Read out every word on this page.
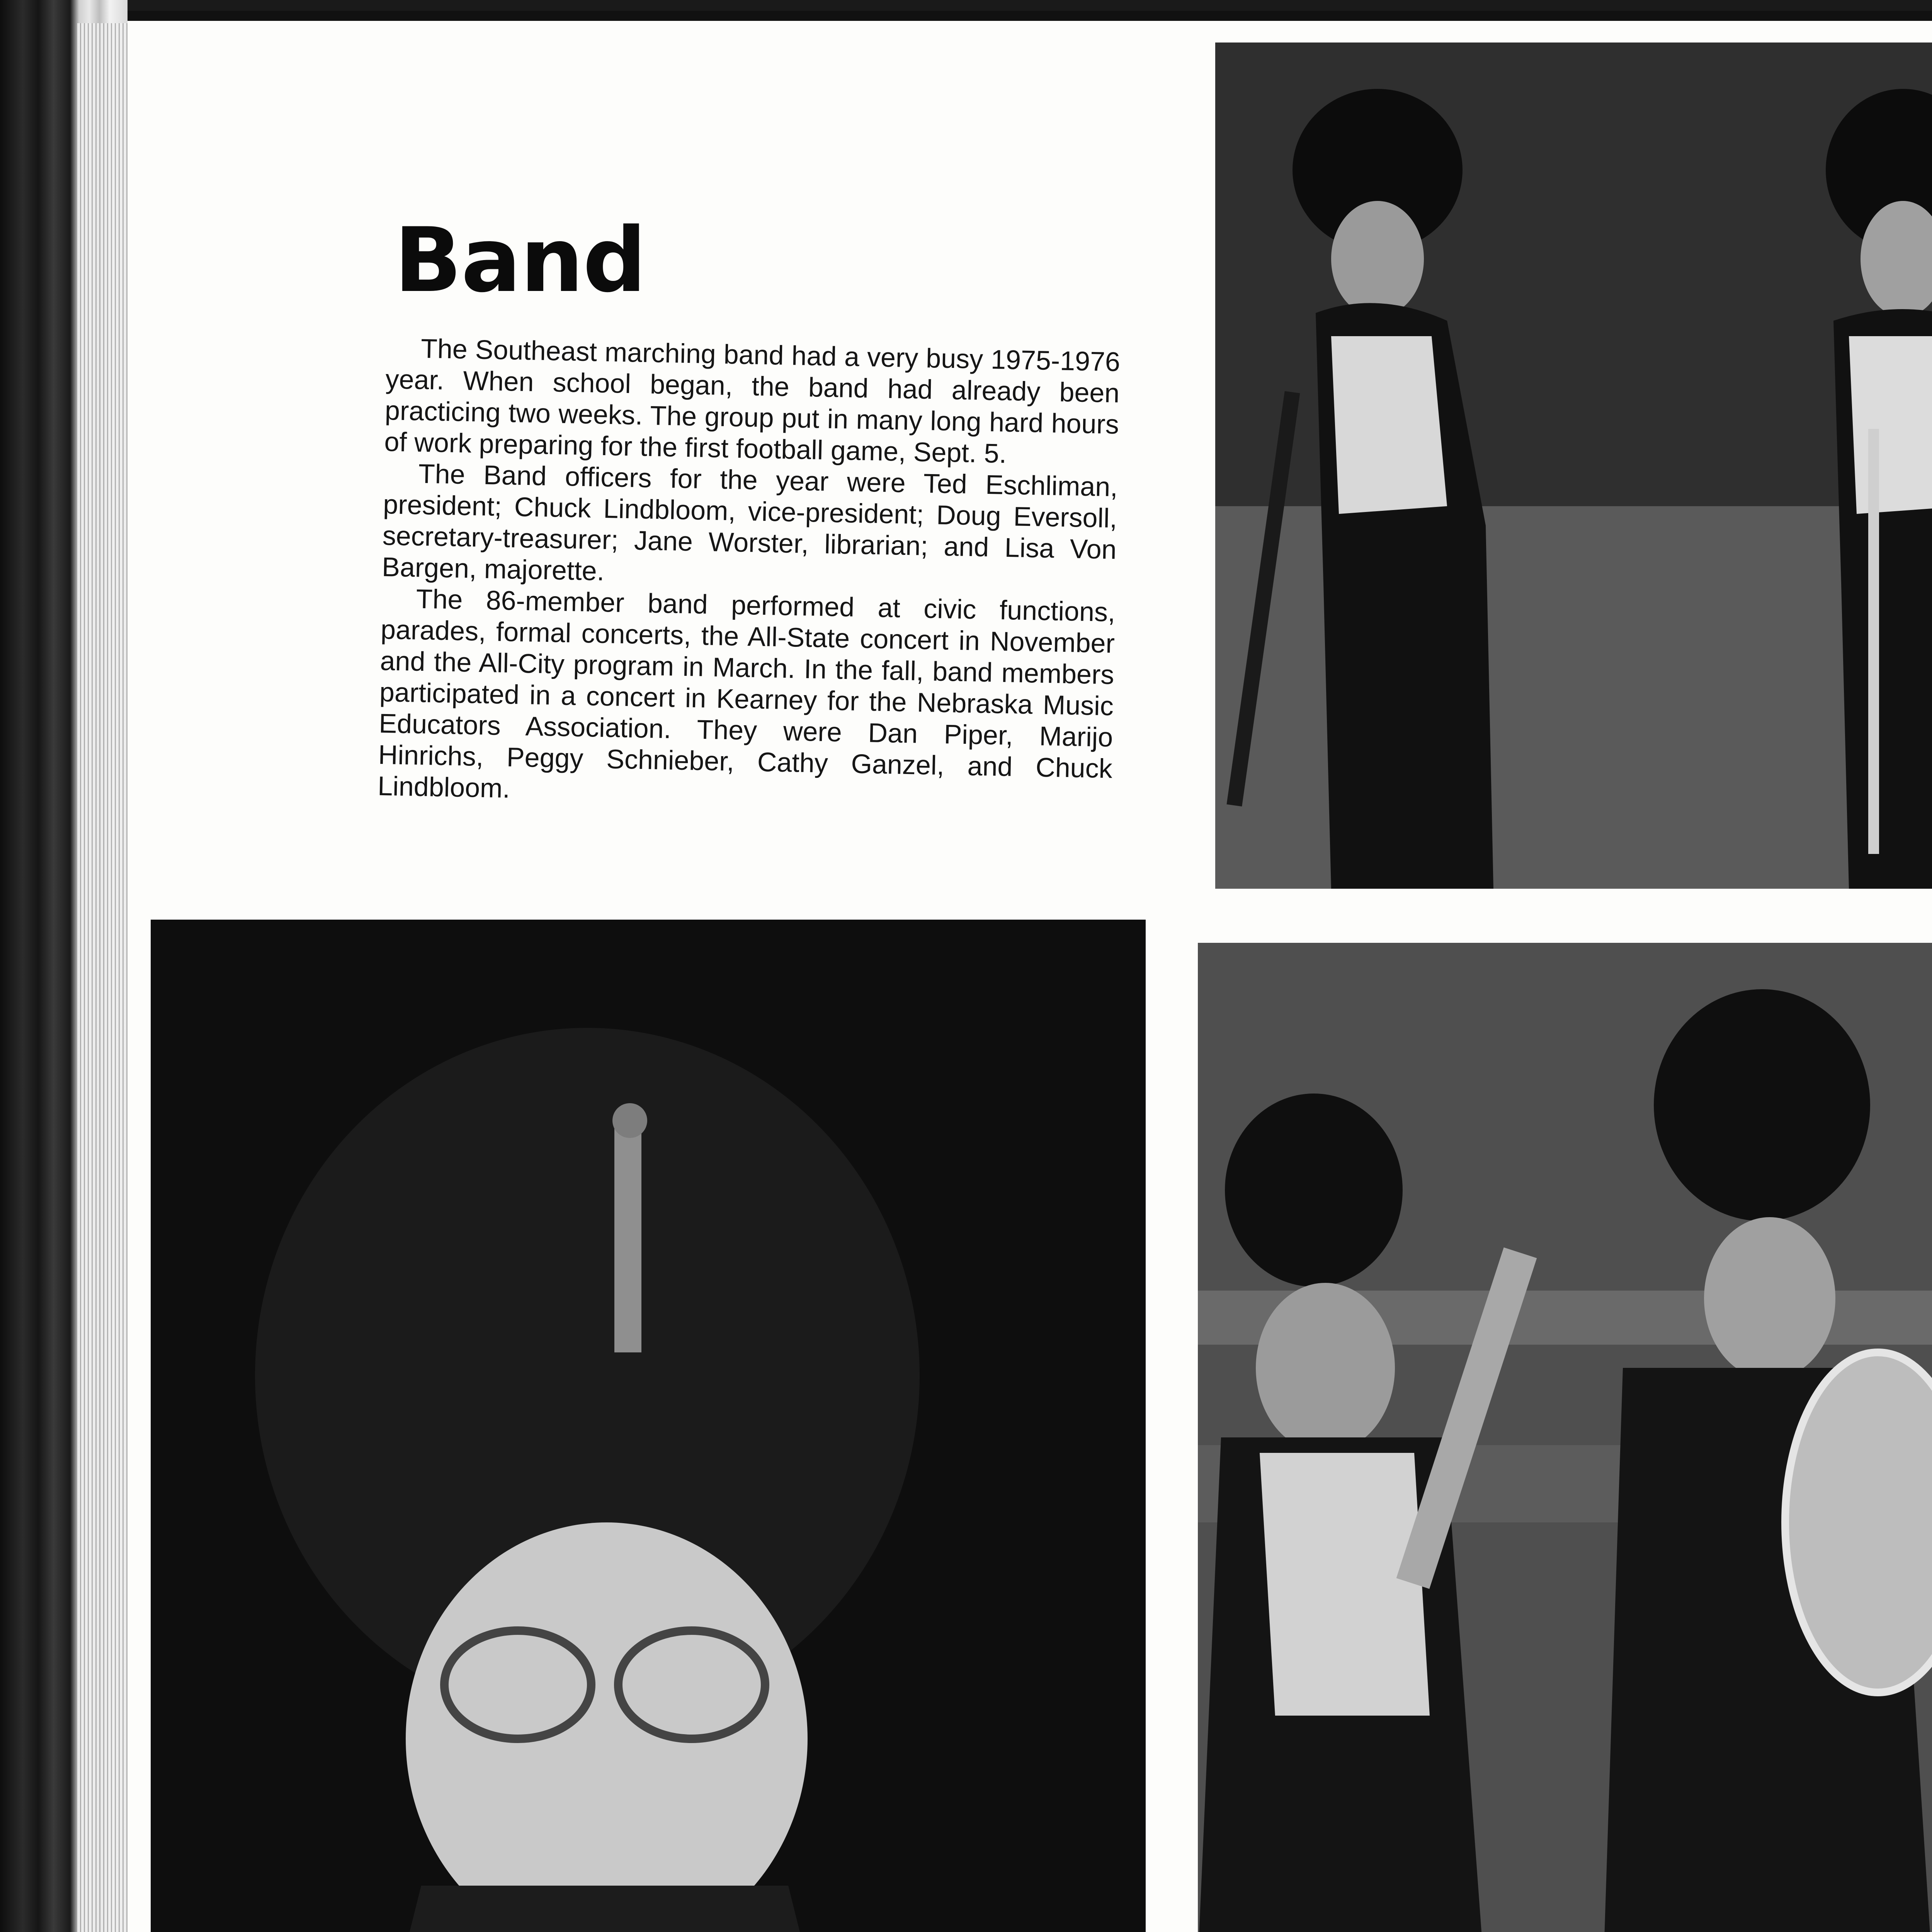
Band

The Southeast marching band had a very busy 1975-1976 year. When school began, the band had already been practicing two weeks. The group put in many long hard hours of work preparing for the first football game, Sept. 5.

The Band officers for the year were Ted Eschliman, president; Chuck Lindbloom, vice-president; Doug Eversoll, secretary-treasurer; Jane Worster, librarian; and Lisa Von Bargen, majorette.

The 86-member band performed at civic functions, parades, formal concerts, the All-State concert in November and the All-City program in March. In the fall, band members participated in a concert in Kearney for the Nebraska Music Educators Association. They were Dan Piper, Marijo Hinrichs, Peggy Schnieber, Cathy Ganzel, and Chuck Lindbloom.
